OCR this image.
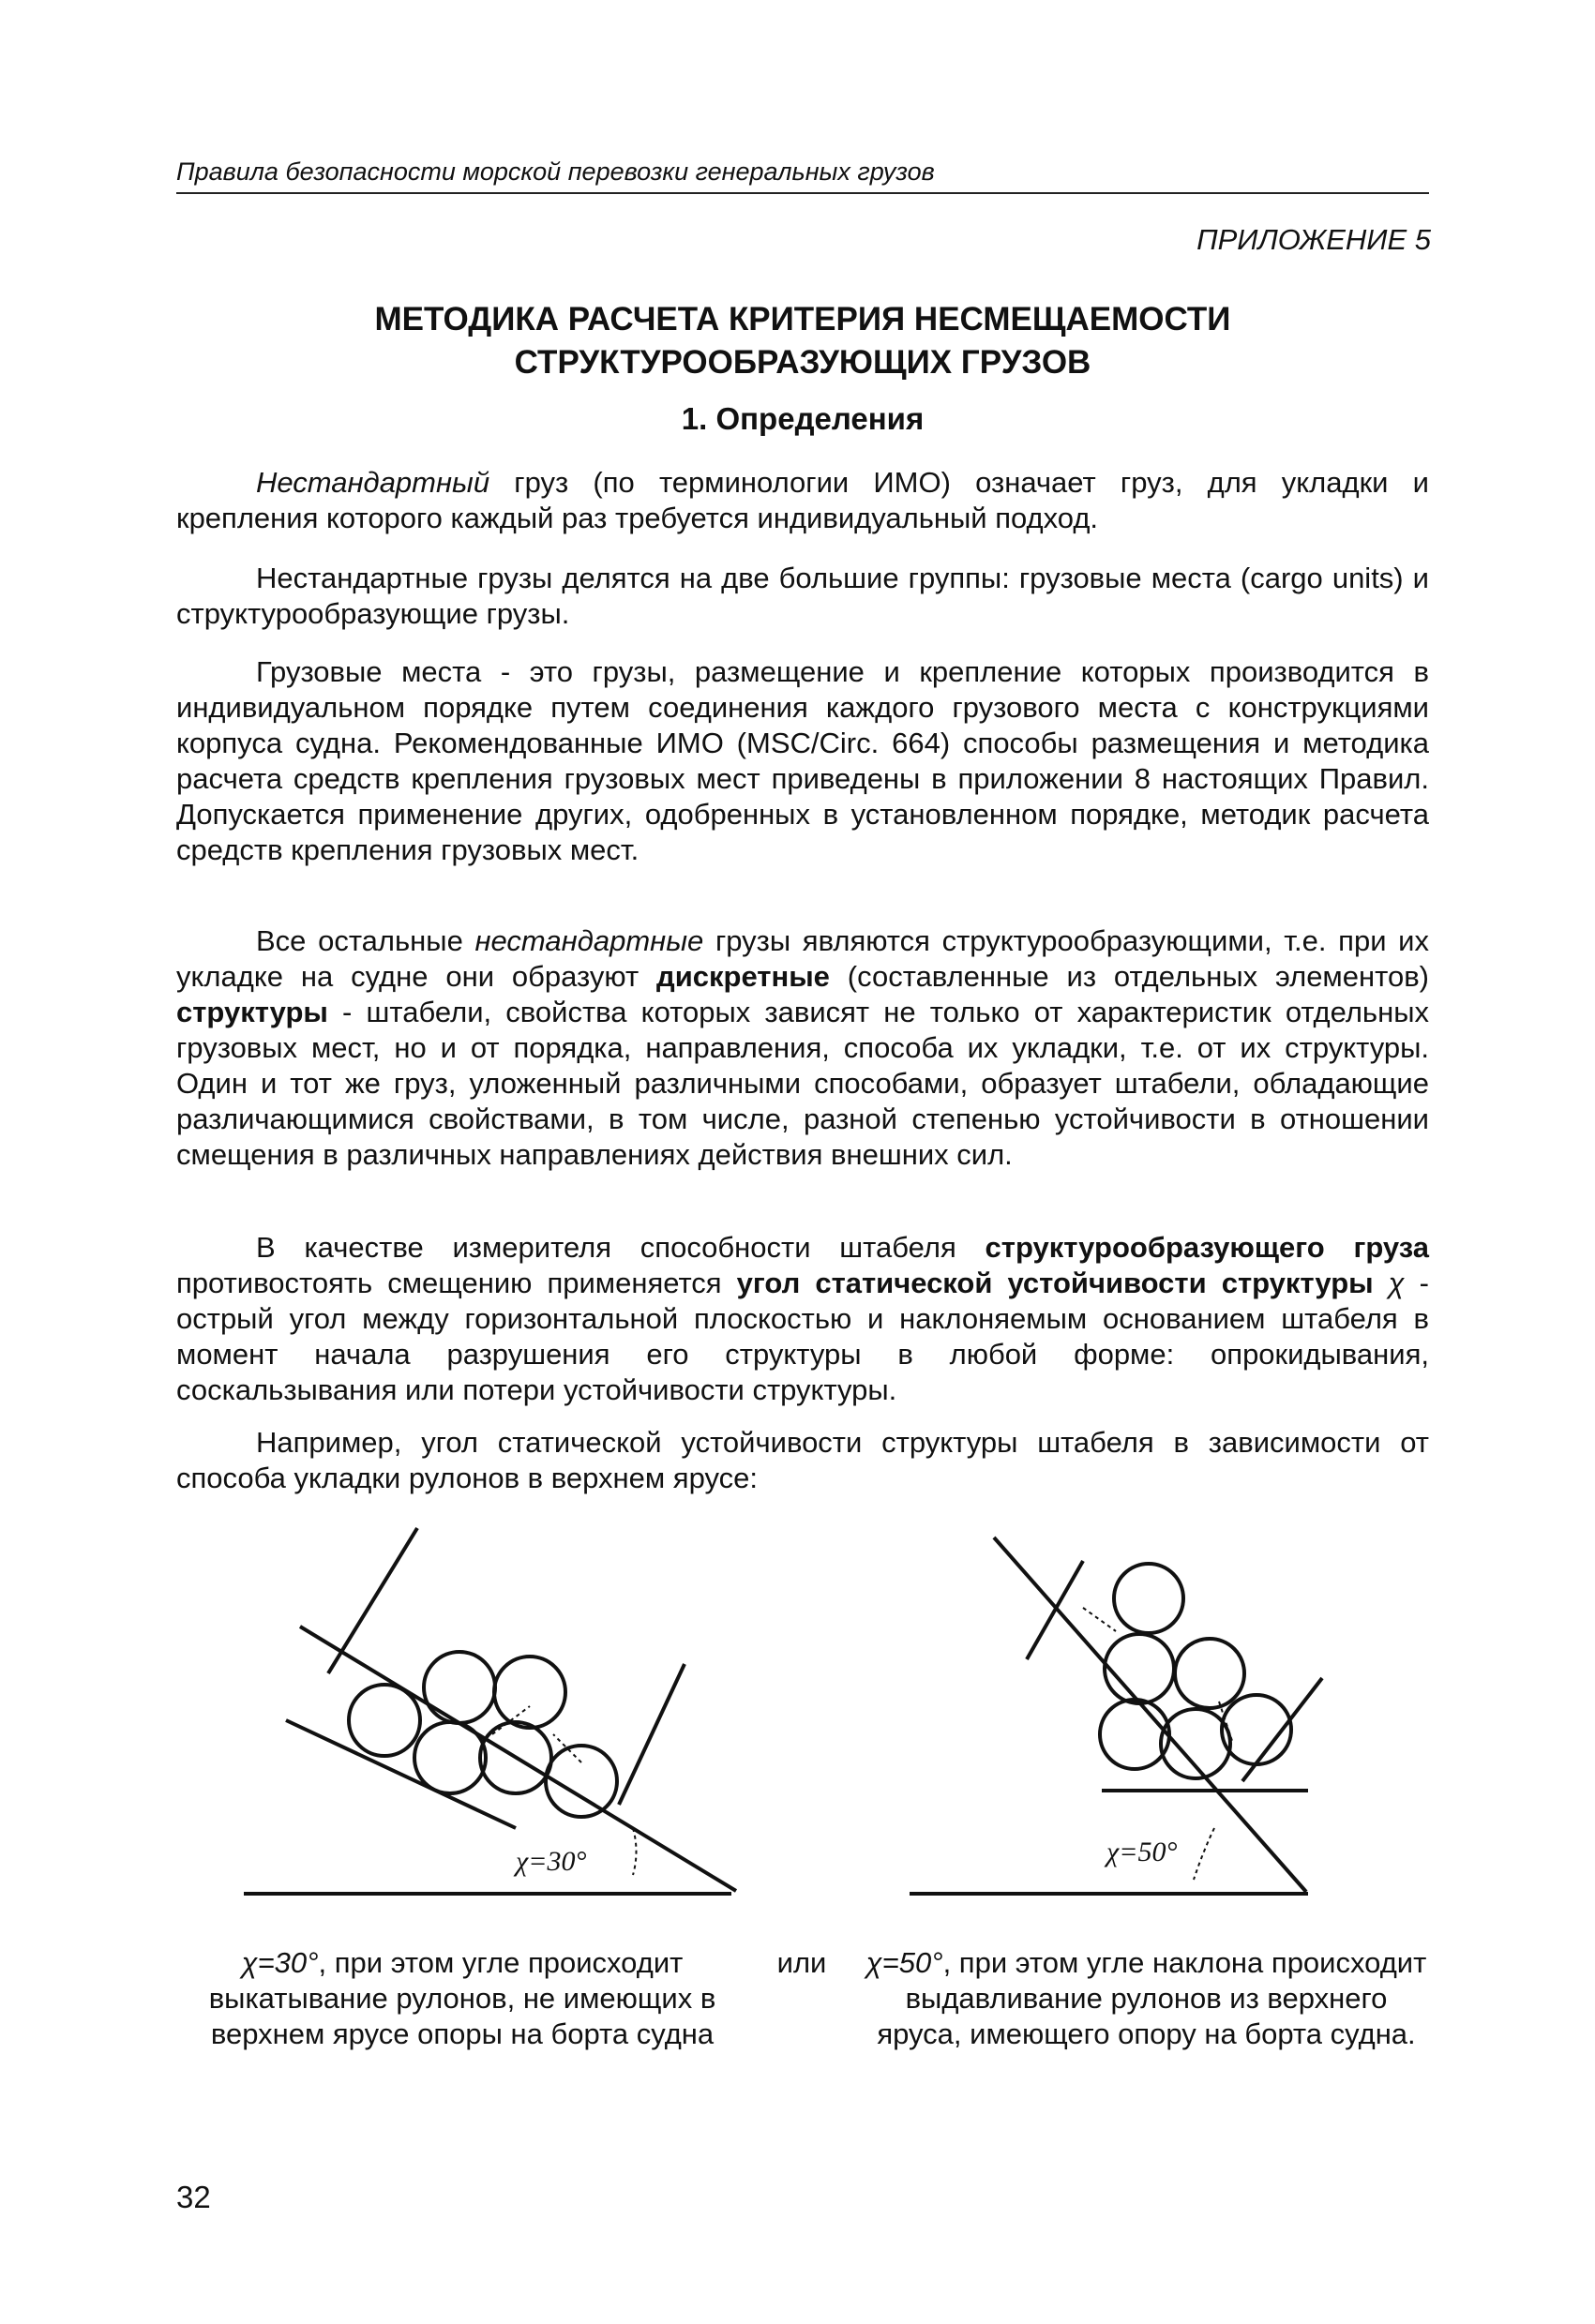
Правила безопасности морской перевозки генеральных грузов
ПРИЛОЖЕНИЕ 5
МЕТОДИКА РАСЧЕТА КРИТЕРИЯ НЕСМЕЩАЕМОСТИ
СТРУКТУРООБРАЗУЮЩИХ ГРУЗОВ
1. Определения

Нестандартный груз (по терминологии ИМО) означает груз, для укладки и крепления которого каждый раз требуется индивидуальный подход.

Нестандартные грузы делятся на две большие группы: грузовые места (cargo units) и структурообразующие грузы.

Грузовые места - это грузы, размещение и крепление которых производится в индивидуальном порядке путем соединения каждого грузового места с конструкциями корпуса судна. Рекомендованные ИМО (MSC/Circ. 664) способы размещения и методика расчета средств крепления грузовых мест приведены в приложении 8 настоящих Правил. Допускается применение других, одобренных в установленном порядке, методик расчета средств крепления грузовых мест.

Все остальные нестандартные грузы являются структурообразующими, т.е. при их укладке на судне они образуют дискретные (составленные из отдельных элементов) структуры - штабели, свойства которых зависят не только от характеристик отдельных грузовых мест, но и от порядка, направления, способа их укладки, т.е. от их структуры. Один и тот же груз, уложенный различными способами, образует штабели, обладающие различающимися свойствами, в том числе, разной степенью устойчивости в отношении смещения в различных направлениях действия внешних сил.

В качестве измерителя способности штабеля структурообразующего груза противостоять смещению применяется угол статической устойчивости структуры χ - острый угол между горизонтальной плоскостью и наклоняемым основанием штабеля в момент начала разрушения его структуры в любой форме: опрокидывания, соскальзывания или потери устойчивости структуры.

Например, угол статической устойчивости структуры штабеля в зависимости от способа укладки рулонов в верхнем ярусе:

χ=30°	χ=50°
χ=30°, при этом угле происходит выкатывание рулонов, не имеющих в верхнем ярусе опоры на борта судна
или	χ=50°, при этом угле наклона происходит выдавливание рулонов из верхнего яруса, имеющего опору на борта судна.
32
